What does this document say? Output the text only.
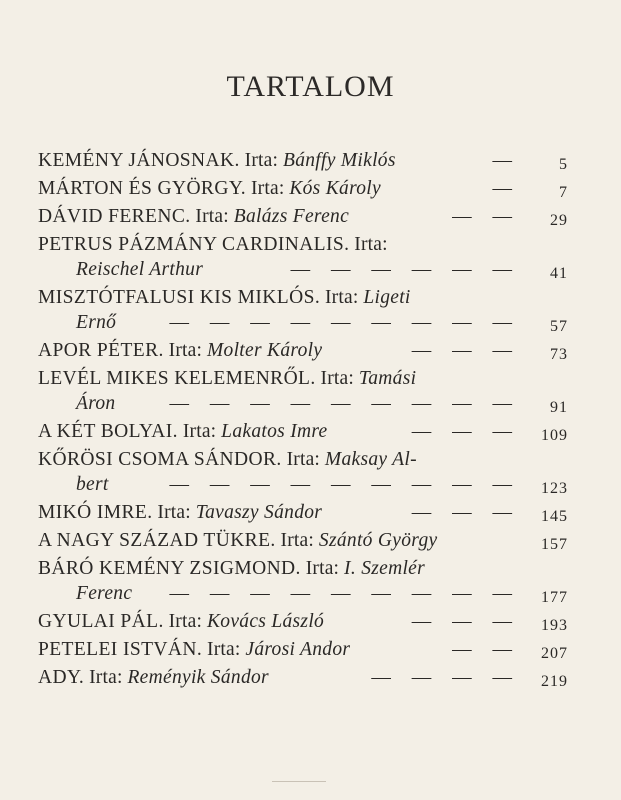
TARTALOM
KEMÉNY JÁNOSNAK. Irta: Bánffy Miklós	—	5
MÁRTON ÉS GYÖRGY. Irta: Kós Károly	—	7
DÁVID FERENC. Irta: Balázs Ferenc	— —	29
PETRUS PÁZMÁNY CARDINALIS. Irta:
Reischel Arthur	— — — — — —	41
MISZTÓTFALUSI KIS MIKLÓS. Irta: Ligeti
Ernő	— — — — — — — — —	57
APOR PÉTER. Irta: Molter Károly	— — —	73
LEVÉL MIKES KELEMENRŐL. Irta: Tamási
Áron	— — — — — — — — —	91
A KÉT BOLYAI. Irta: Lakatos Imre	— — —	109
KŐRÖSI CSOMA SÁNDOR. Irta: Maksay Al-
bert	— — — — — — — — —	123
MIKÓ IMRE. Irta: Tavaszy Sándor	— — —	145
A NAGY SZÁZAD TÜKRE. Irta: Szántó György	157
BÁRÓ KEMÉNY ZSIGMOND. Irta: I. Szemlér
Ferenc — — — — — — — — —	177
GYULAI PÁL. Irta: Kovács László	— — —	193
PETELEI ISTVÁN. Irta: Járosi Andor	— —	207
ADY. Irta: Reményik Sándor	— — — —	219
